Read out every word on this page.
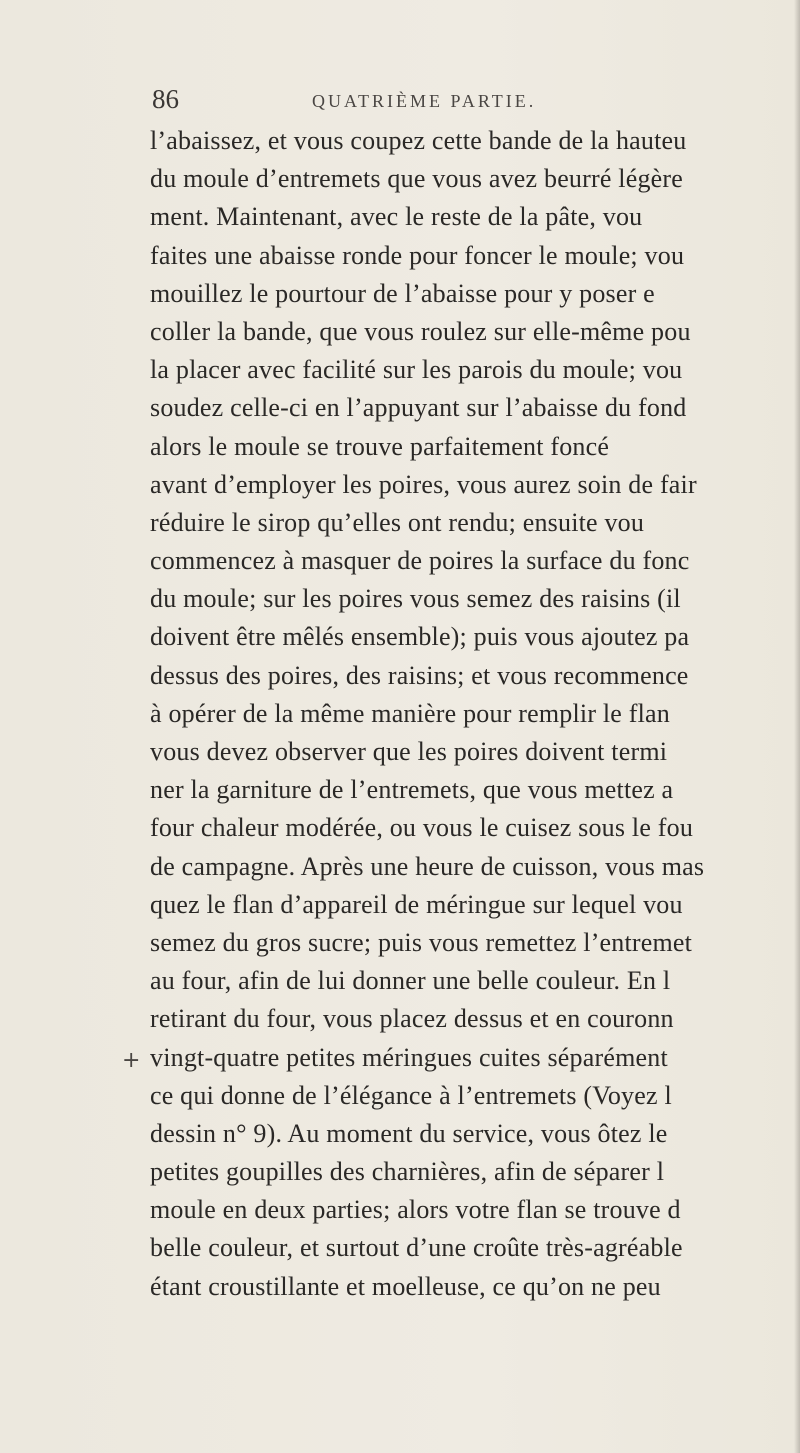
86	QUATRIÈME PARTIE.
l’abaissez, et vous coupez cette bande de la hauteu
du moule d’entremets que vous avez beurré légère
ment. Maintenant, avec le reste de la pâte, vou
faites une abaisse ronde pour foncer le moule; vou
mouillez le pourtour de l’abaisse pour y poser e
coller la bande, que vous roulez sur elle-même pou
la placer avec facilité sur les parois du moule; vou
soudez celle-ci en l’appuyant sur l’abaisse du fond
alors le moule se trouve parfaitement foncé
avant d’employer les poires, vous aurez soin de fair
réduire le sirop qu’elles ont rendu; ensuite vou
commencez à masquer de poires la surface du fonc
du moule; sur les poires vous semez des raisins (il
doivent être mêlés ensemble); puis vous ajoutez pa
dessus des poires, des raisins; et vous recommence
à opérer de la même manière pour remplir le flan
vous devez observer que les poires doivent termi
ner la garniture de l’entremets, que vous mettez a
four chaleur modérée, ou vous le cuisez sous le fou
de campagne. Après une heure de cuisson, vous mas
quez le flan d’appareil de méringue sur lequel vou
semez du gros sucre; puis vous remettez l’entremet
au four, afin de lui donner une belle couleur. En l
retirant du four, vous placez dessus et en couronn
vingt-quatre petites méringues cuites séparément
ce qui donne de l’élégance à l’entremets (Voyez l
dessin n° 9). Au moment du service, vous ôtez le
petites goupilles des charnières, afin de séparer l
moule en deux parties; alors votre flan se trouve d
belle couleur, et surtout d’une croûte très-agréable
étant croustillante et moelleuse, ce qu’on ne peu
+
